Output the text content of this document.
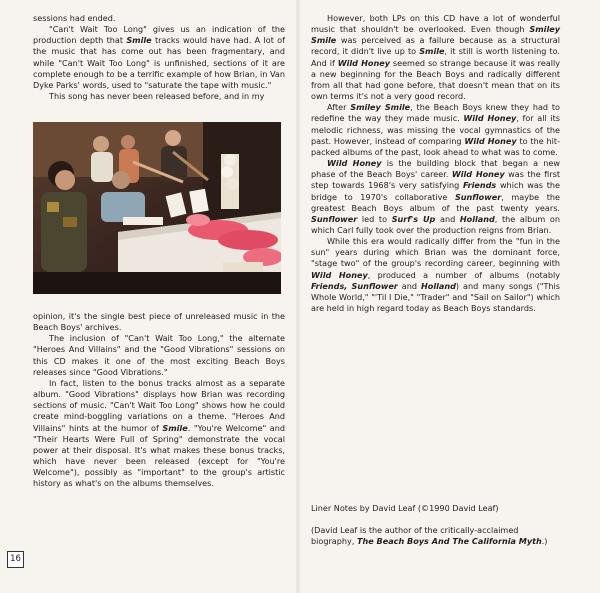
sessions had ended.

"Can't Wait Too Long" gives us an indication of the production depth that Smile tracks would have had. A lot of the music that has come out has been fragmentary, and while "Can't Wait Too Long" is unfinished, sections of it are complete enough to be a terrific example of how Brian, in Van Dyke Parks' words, used to "saturate the tape with music."

This song has never been released before, and in my

opinion, it's the single best piece of unreleased music in the Beach Boys' archives.

The inclusion of "Can't Wait Too Long," the alternate "Heroes And Villains" and the "Good Vibrations" sessions on this CD makes it one of the most exciting Beach Boys releases since "Good Vibrations."

In fact, listen to the bonus tracks almost as a separate album. "Good Vibrations" displays how Brian was recording sections of music. "Can't Wait Too Long" shows how he could create mind-boggling variations on a theme. "Heroes And Villains" hints at the humor of Smile. "You're Welcome" and "Their Hearts Were Full of Spring" demonstrate the vocal power at their disposal. It's what makes these bonus tracks, which have never been released (except for "You're Welcome"), possibly as "important" to the group's artistic history as what's on the albums themselves.

However, both LPs on this CD have a lot of wonderful music that shouldn't be overlooked. Even though Smiley Smile was perceived as a failure because as a structural record, it didn't live up to Smile, it still is worth listening to. And if Wild Honey seemed so strange because it was really a new beginning for the Beach Boys and radically different from all that had gone before, that doesn't mean that on its own terms it's not a very good record.

After Smiley Smile, the Beach Boys knew they had to redefine the way they made music. Wild Honey, for all its melodic richness, was missing the vocal gymnastics of the past. However, instead of comparing Wild Honey to the hit-packed albums of the past, look ahead to what was to come.

Wild Honey is the building block that began a new phase of the Beach Boys' career. Wild Honey was the first step towards 1968's very satisfying Friends which was the bridge to 1970's collaborative Sunflower, maybe the greatest Beach Boys album of the past twenty years. Sunflower led to Surf's Up and Holland, the album on which Carl fully took over the production reigns from Brian.

While this era would radically differ from the "fun in the sun" years during which Brian was the dominant force, "stage two" of the group's recording career, beginning with Wild Honey, produced a number of albums (notably Friends, Sunflower and Holland) and many songs ("This Whole World," "'Til I Die," "Trader" and "Sail on Sailor") which are held in high regard today as Beach Boys standards.

Liner Notes by David Leaf (©1990 David Leaf)

(David Leaf is the author of the critically-acclaimed biography, The Beach Boys And The California Myth.)

16
